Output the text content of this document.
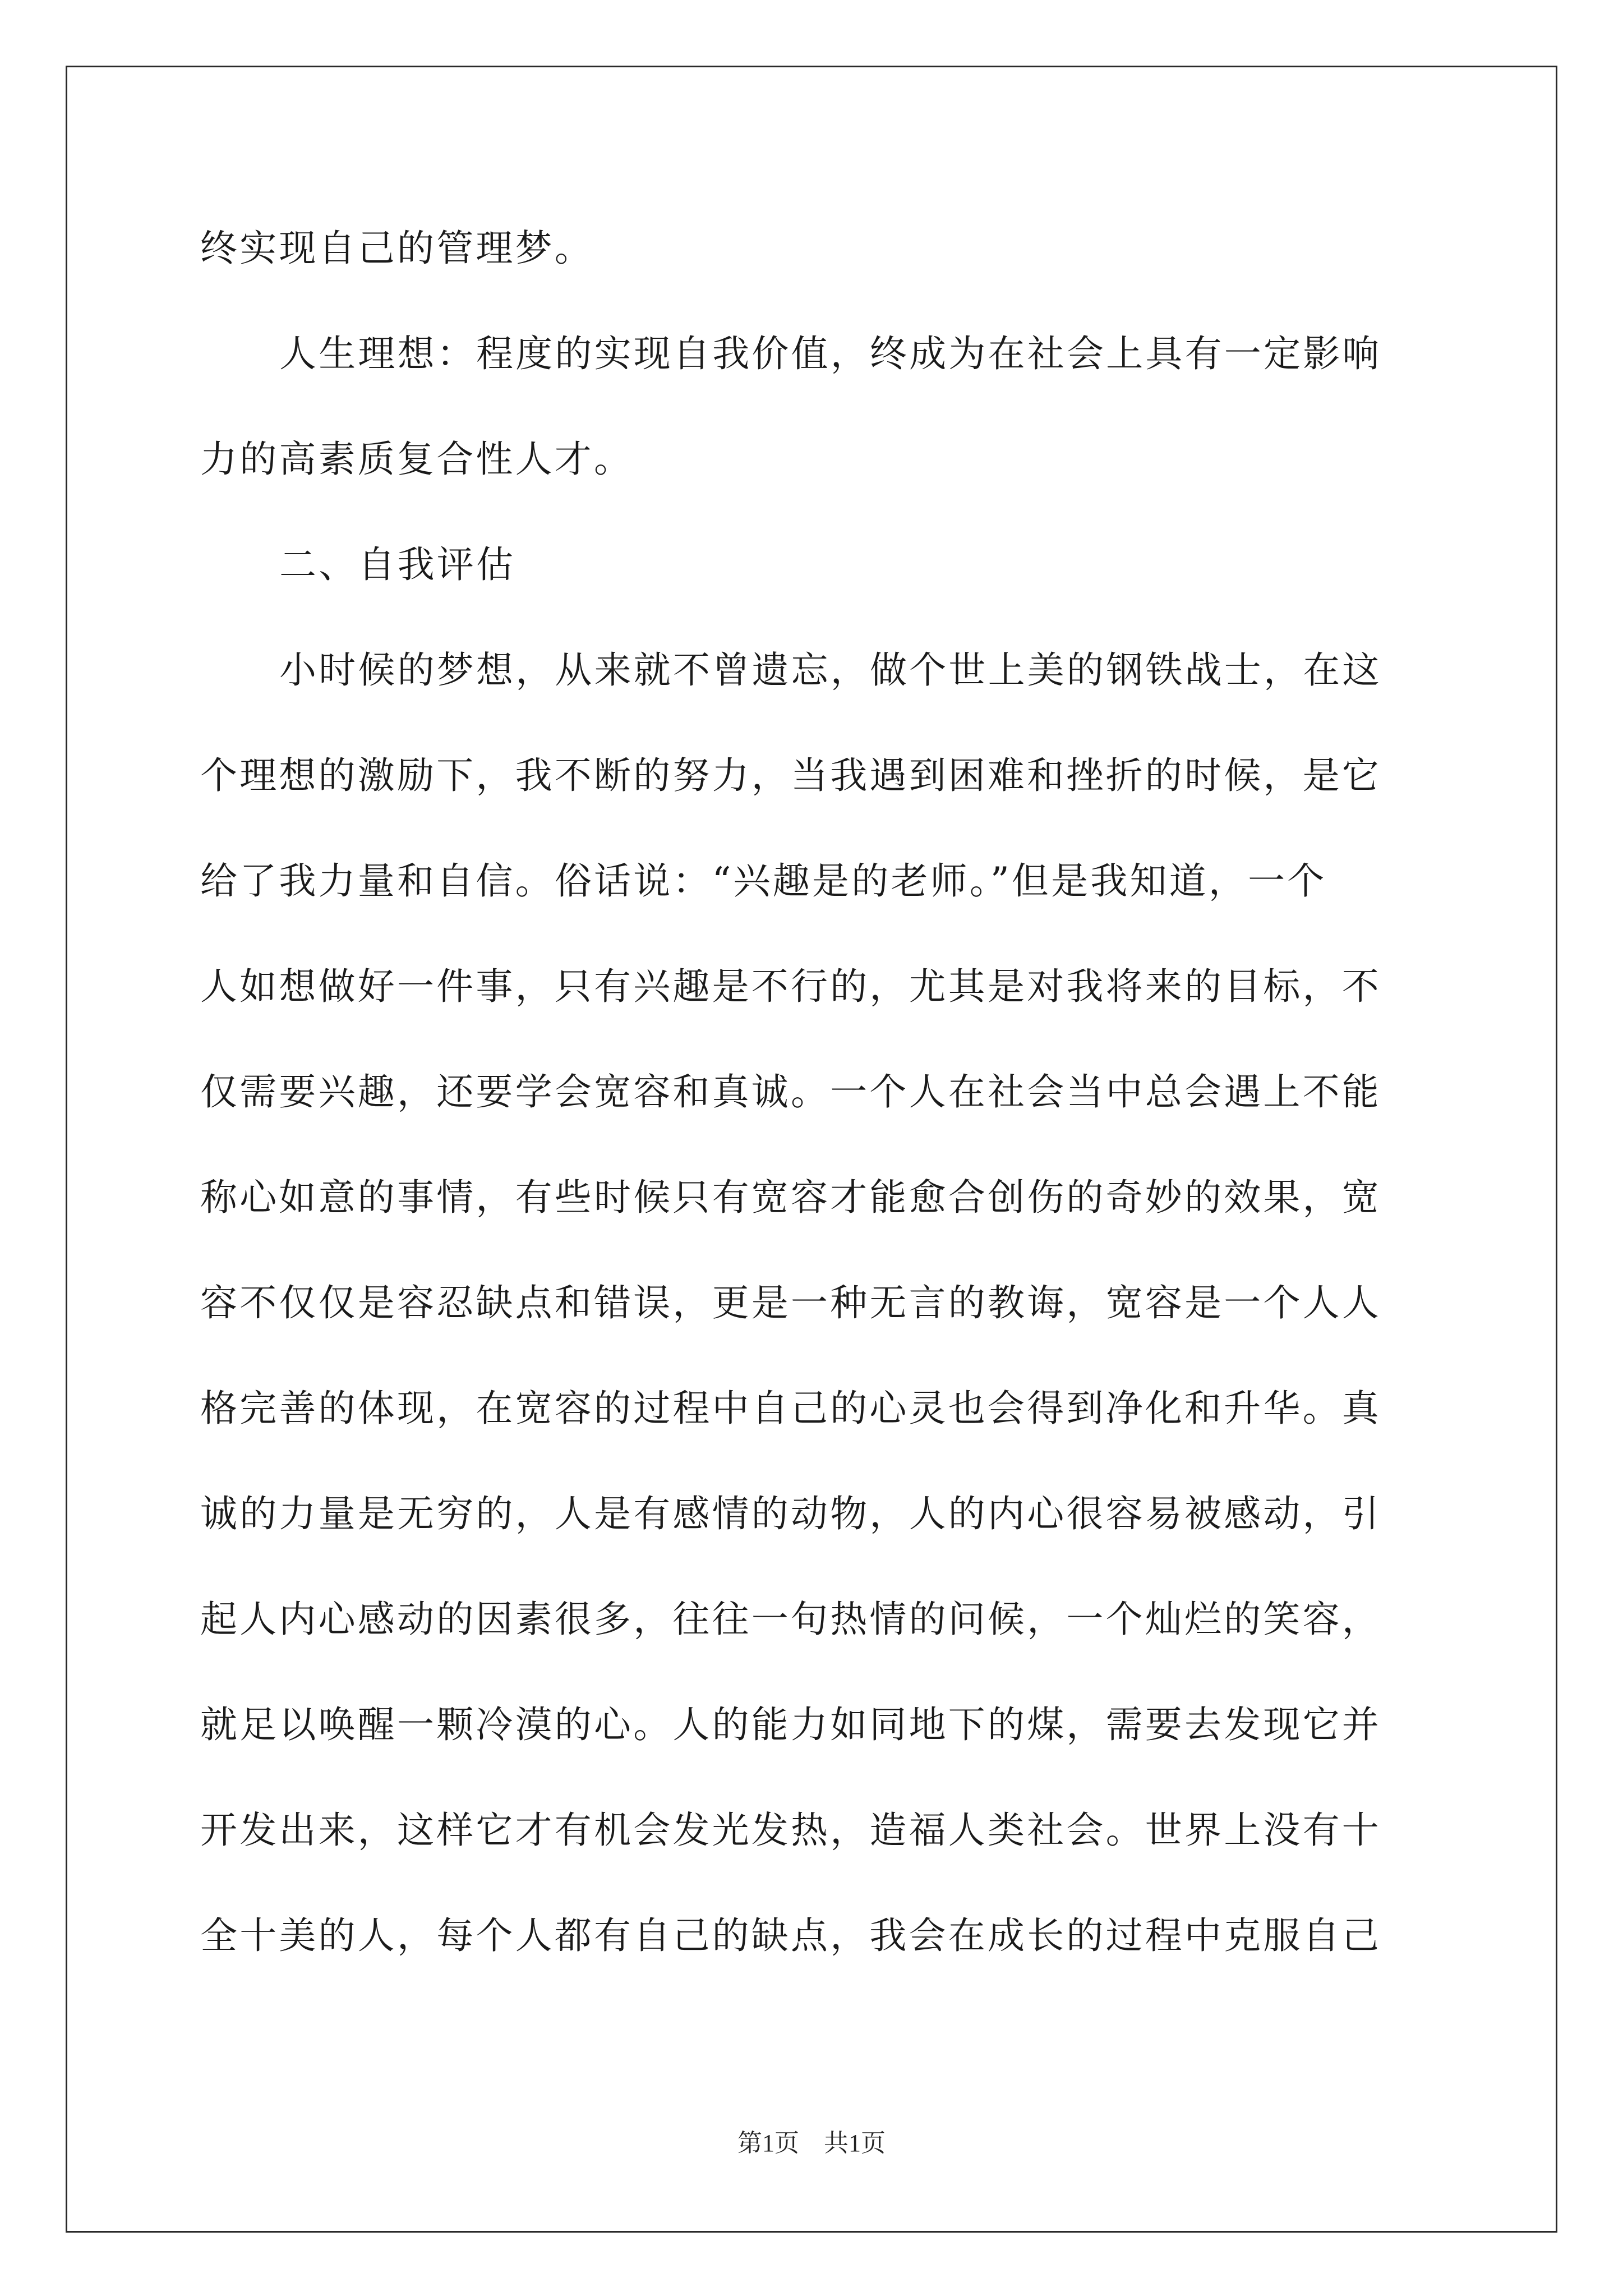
终实现自己的管理梦。
人生理想：程度的实现自我价值，终成为在社会上具有一定影响
力的高素质复合性人才。
二、自我评估
小时候的梦想，从来就不曾遗忘，做个世上美的钢铁战士，在这
个理想的激励下，我不断的努力，当我遇到困难和挫折的时候，是它
给了我力量和自信。俗话说：“兴趣是的老师。”但是我知道，一个
人如想做好一件事，只有兴趣是不行的，尤其是对我将来的目标，不
仅需要兴趣，还要学会宽容和真诚。一个人在社会当中总会遇上不能
称心如意的事情，有些时候只有宽容才能愈合创伤的奇妙的效果，宽
容不仅仅是容忍缺点和错误，更是一种无言的教诲，宽容是一个人人
格完善的体现，在宽容的过程中自己的心灵也会得到净化和升华。真
诚的力量是无穷的，人是有感情的动物，人的内心很容易被感动，引
起人内心感动的因素很多，往往一句热情的问候，一个灿烂的笑容，
就足以唤醒一颗冷漠的心。人的能力如同地下的煤，需要去发现它并
开发出来，这样它才有机会发光发热，造福人类社会。世界上没有十
全十美的人，每个人都有自己的缺点，我会在成长的过程中克服自己
第1页 共1页
